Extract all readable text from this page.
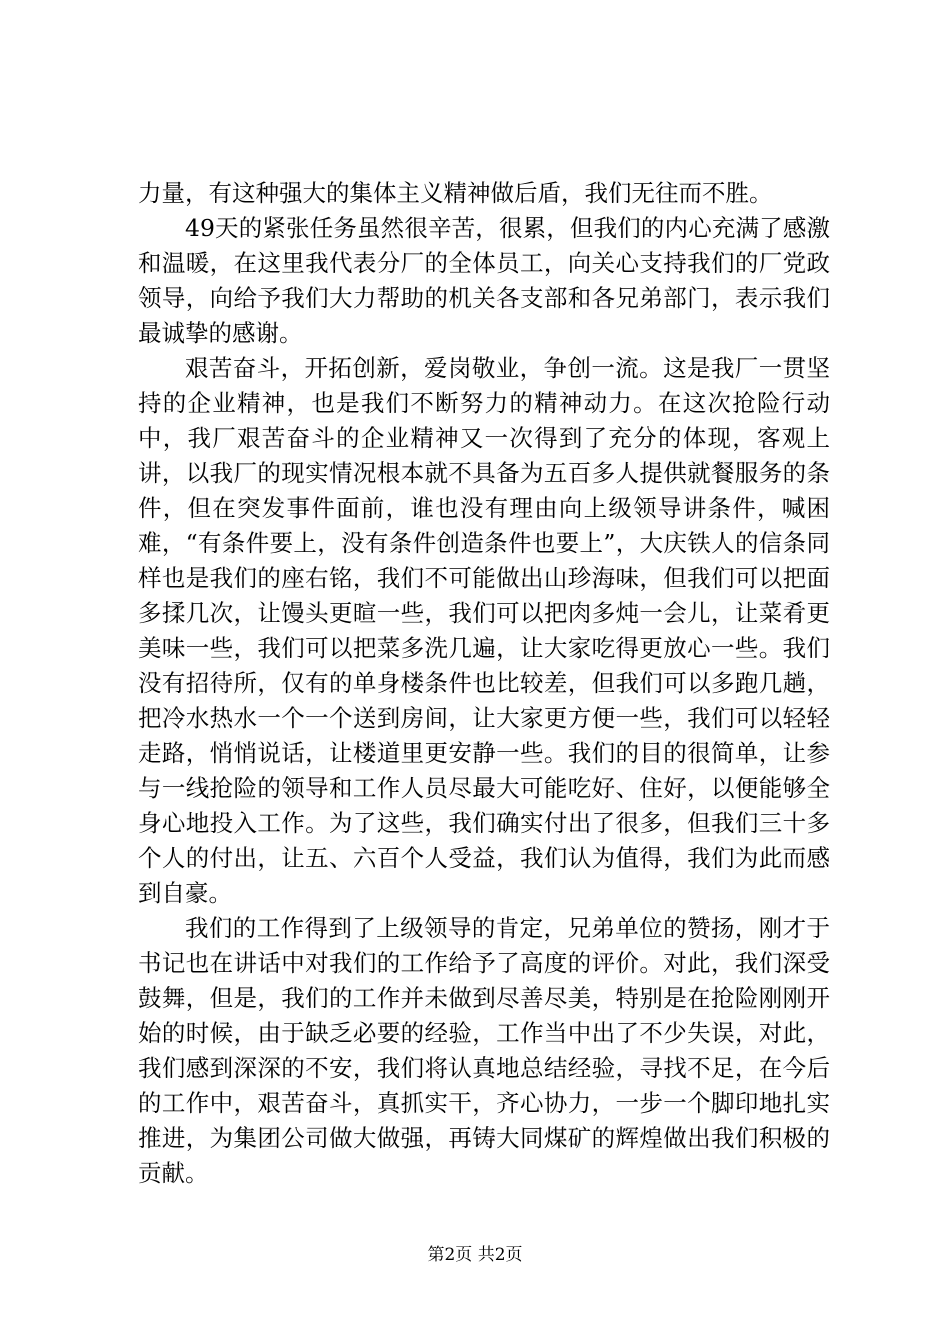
力量，有这种强大的集体主义精神做后盾，我们无往而不胜。

49天的紧张任务虽然很辛苦，很累，但我们的内心充满了感激和温暖，在这里我代表分厂的全体员工，向关心支持我们的厂党政领导，向给予我们大力帮助的机关各支部和各兄弟部门，表示我们最诚挚的感谢。

艰苦奋斗，开拓创新，爱岗敬业，争创一流。这是我厂一贯坚持的企业精神，也是我们不断努力的精神动力。在这次抢险行动中，我厂艰苦奋斗的企业精神又一次得到了充分的体现，客观上讲，以我厂的现实情况根本就不具备为五百多人提供就餐服务的条件，但在突发事件面前，谁也没有理由向上级领导讲条件，喊困难，“有条件要上，没有条件创造条件也要上”，大庆铁人的信条同样也是我们的座右铭，我们不可能做出山珍海味，但我们可以把面多揉几次，让馒头更暄一些，我们可以把肉多炖一会儿，让菜肴更美味一些，我们可以把菜多洗几遍，让大家吃得更放心一些。我们没有招待所，仅有的单身楼条件也比较差，但我们可以多跑几趟，把冷水热水一个一个送到房间，让大家更方便一些，我们可以轻轻走路，悄悄说话，让楼道里更安静一些。我们的目的很简单，让参与一线抢险的领导和工作人员尽最大可能吃好、住好，以便能够全身心地投入工作。为了这些，我们确实付出了很多，但我们三十多个人的付出，让五、六百个人受益，我们认为值得，我们为此而感到自豪。

我们的工作得到了上级领导的肯定，兄弟单位的赞扬，刚才于书记也在讲话中对我们的工作给予了高度的评价。对此，我们深受鼓舞，但是，我们的工作并未做到尽善尽美，特别是在抢险刚刚开始的时候，由于缺乏必要的经验，工作当中出了不少失误，对此，我们感到深深的不安，我们将认真地总结经验，寻找不足，在今后的工作中，艰苦奋斗，真抓实干，齐心协力，一步一个脚印地扎实推进，为集团公司做大做强，再铸大同煤矿的辉煌做出我们积极的贡献。

第2页 共2页
